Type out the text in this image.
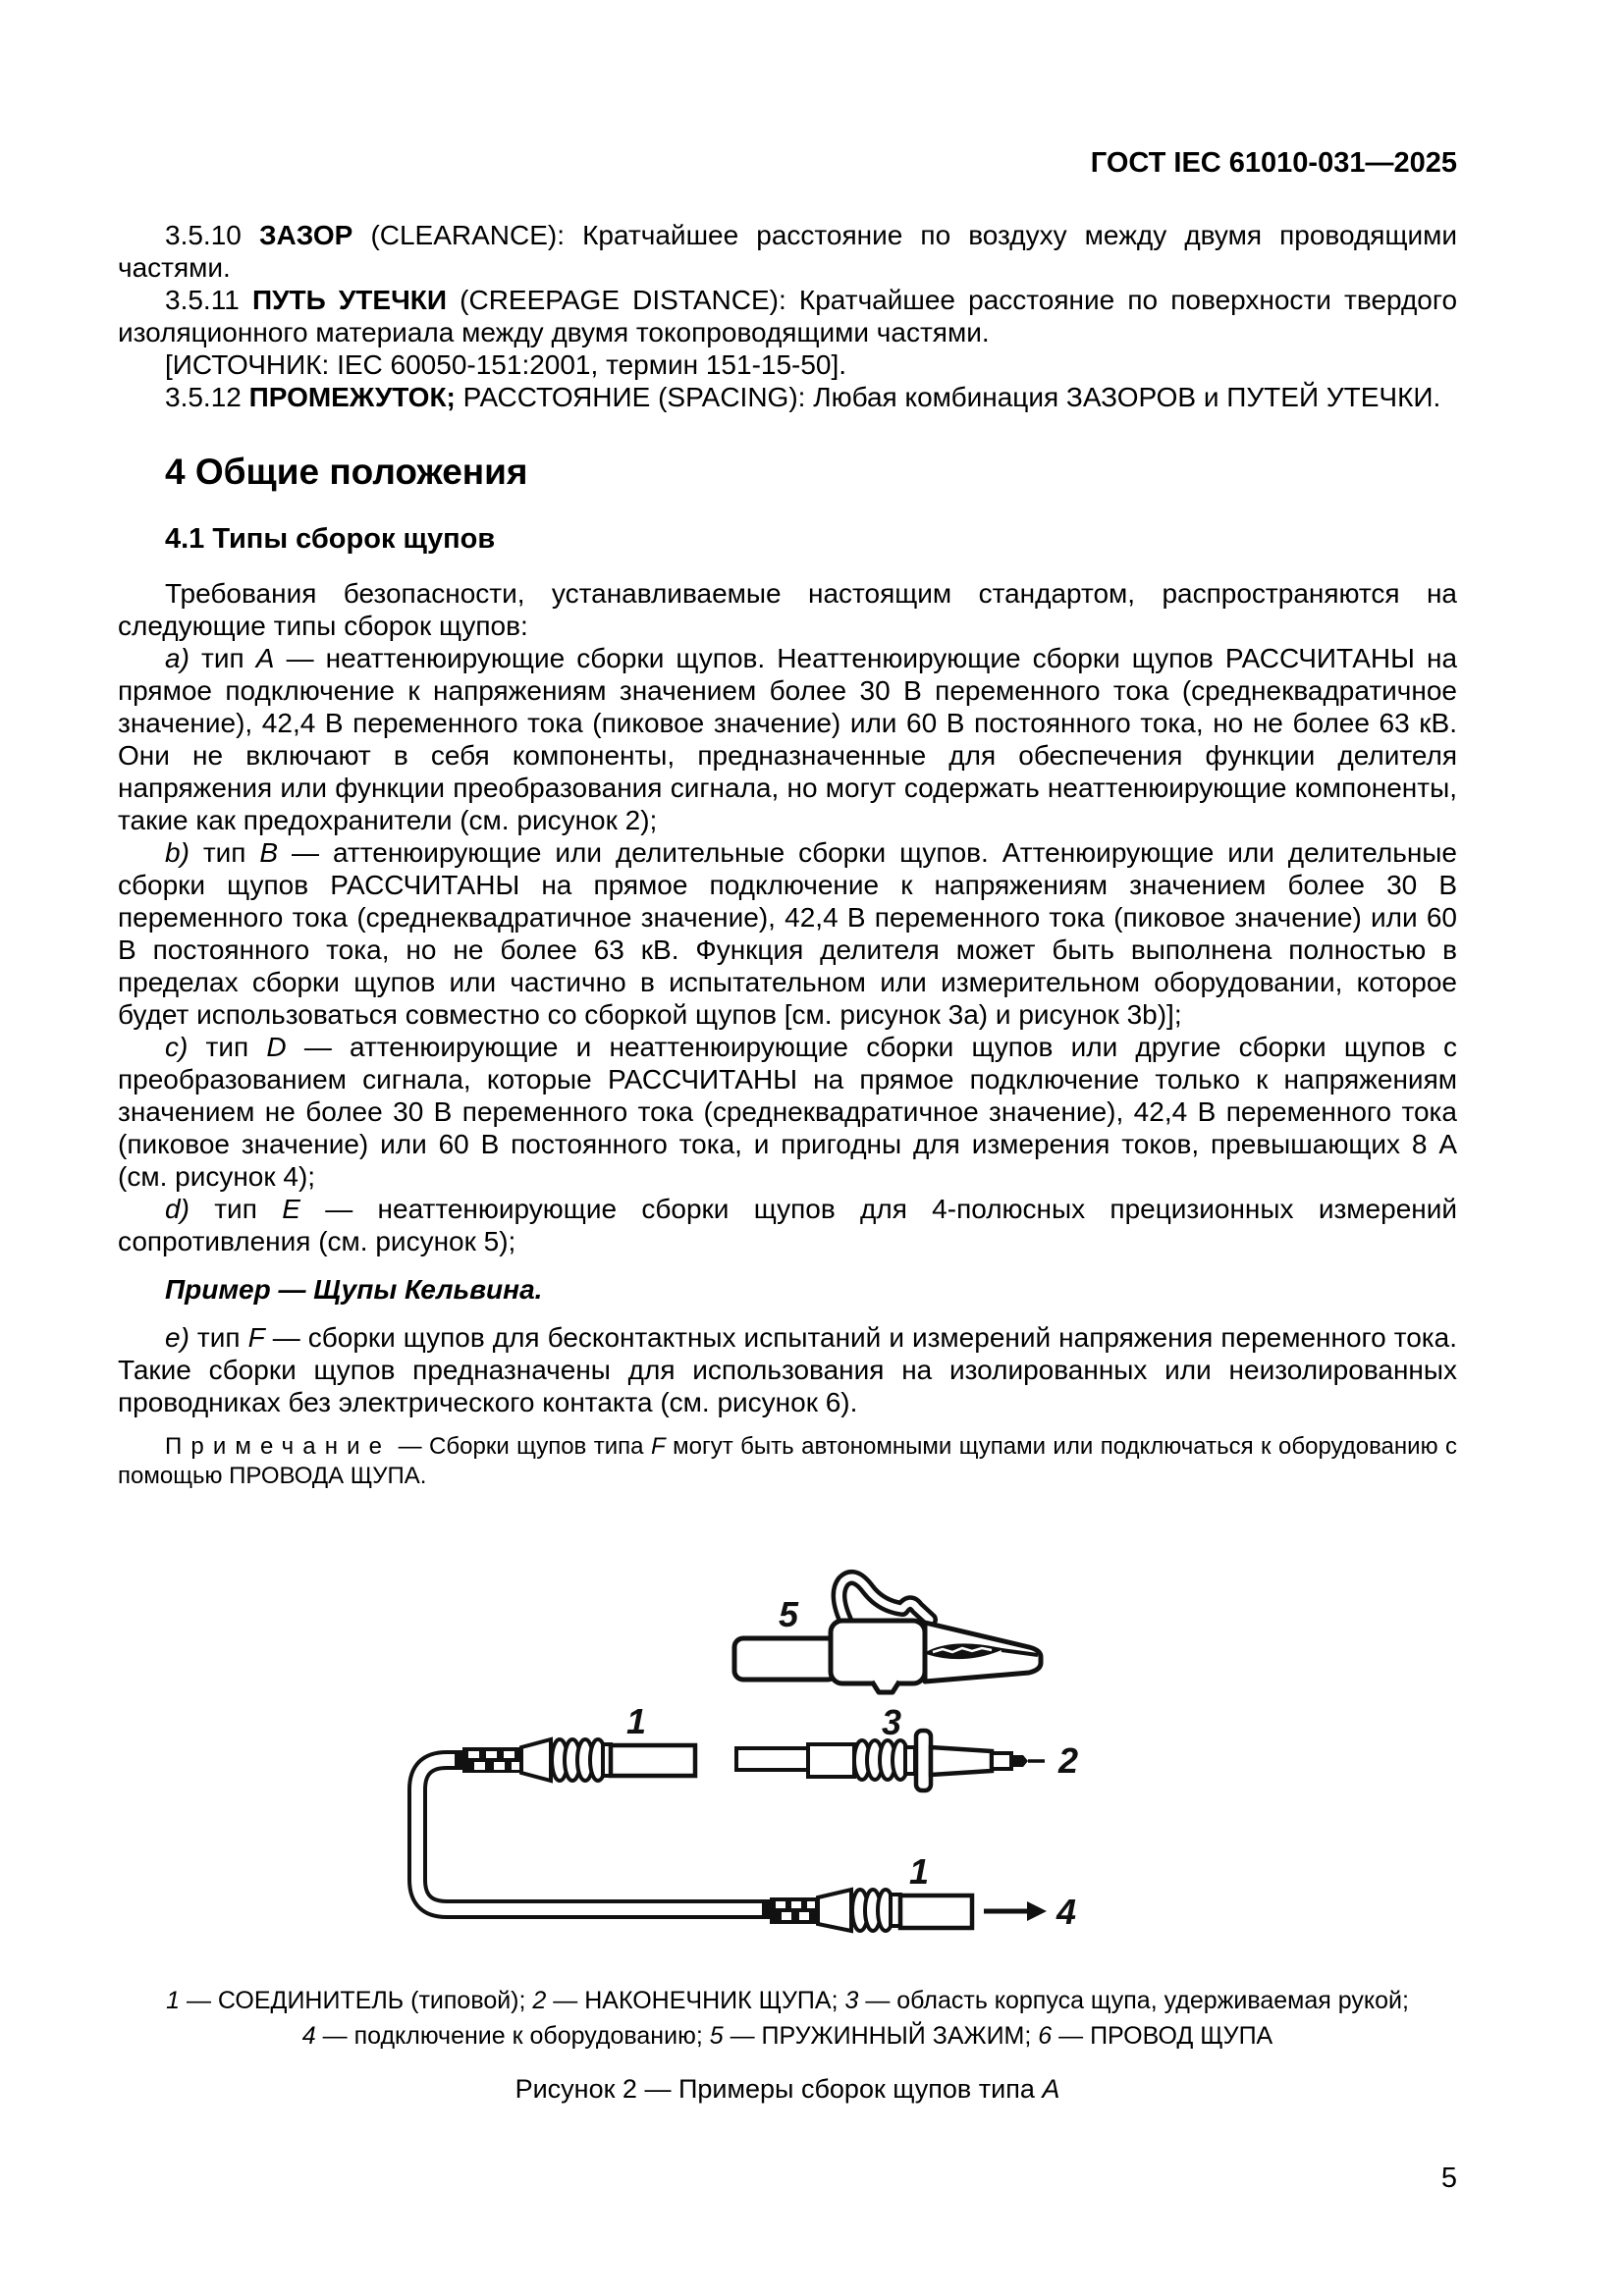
ГОСТ IEC 61010-031—2025

3.5.10 ЗАЗОР (CLEARANCE): Кратчайшее расстояние по воздуху между двумя проводящими частями.

3.5.11 ПУТЬ УТЕЧКИ (CREEPAGE DISTANCE): Кратчайшее расстояние по поверхности твердого изоляционного материала между двумя токопроводящими частями.

[ИСТОЧНИК: IEC 60050-151:2001, термин 151-15-50].

3.5.12 ПРОМЕЖУТОК; РАССТОЯНИЕ (SPACING): Любая комбинация ЗАЗОРОВ и ПУТЕЙ УТЕЧКИ.

4 Общие положения
4.1 Типы сборок щупов

Требования безопасности, устанавливаемые настоящим стандартом, распространяются на следующие типы сборок щупов:

a) тип A — неаттенюирующие сборки щупов. Неаттенюирующие сборки щупов РАССЧИТАНЫ на прямое подключение к напряжениям значением более 30 В переменного тока (среднеквадратичное значение), 42,4 В переменного тока (пиковое значение) или 60 В постоянного тока, но не более 63 кВ. Они не включают в себя компоненты, предназначенные для обеспечения функции делителя напряжения или функции преобразования сигнала, но могут содержать неаттенюирующие компоненты, такие как предохранители (см. рисунок 2);

b) тип B — аттенюирующие или делительные сборки щупов. Аттенюирующие или делительные сборки щупов РАССЧИТАНЫ на прямое подключение к напряжениям значением более 30 В переменного тока (среднеквадратичное значение), 42,4 В переменного тока (пиковое значение) или 60 В постоянного тока, но не более 63 кВ. Функция делителя может быть выполнена полностью в пределах сборки щупов или частично в испытательном или измерительном оборудовании, которое будет использоваться совместно со сборкой щупов [см. рисунок 3a) и рисунок 3b)];

c) тип D — аттенюирующие и неаттенюирующие сборки щупов или другие сборки щупов с преобразованием сигнала, которые РАССЧИТАНЫ на прямое подключение только к напряжениям значением не более 30 В переменного тока (среднеквадратичное значение), 42,4 В переменного тока (пиковое значение) или 60 В постоянного тока, и пригодны для измерения токов, превышающих 8 А (см. рисунок 4);

d) тип E — неаттенюирующие сборки щупов для 4-полюсных прецизионных измерений сопротивления (см. рисунок 5);

Пример — Щупы Кельвина.

e) тип F — сборки щупов для бесконтактных испытаний и измерений напряжения переменного тока. Такие сборки щупов предназначены для использования на изолированных или неизолированных проводниках без электрического контакта (см. рисунок 6).

Примечание — Сборки щупов типа F могут быть автономными щупами или подключаться к оборудованию с помощью ПРОВОДА ЩУПА.

5
1	3
2
1
4
1 — СОЕДИНИТЕЛЬ (типовой); 2 — НАКОНЕЧНИК ЩУПА; 3 — область корпуса щупа, удерживаемая рукой;
4 — подключение к оборудованию; 5 — ПРУЖИННЫЙ ЗАЖИМ; 6 — ПРОВОД ЩУПА
Рисунок 2 — Примеры сборок щупов типа A
5
